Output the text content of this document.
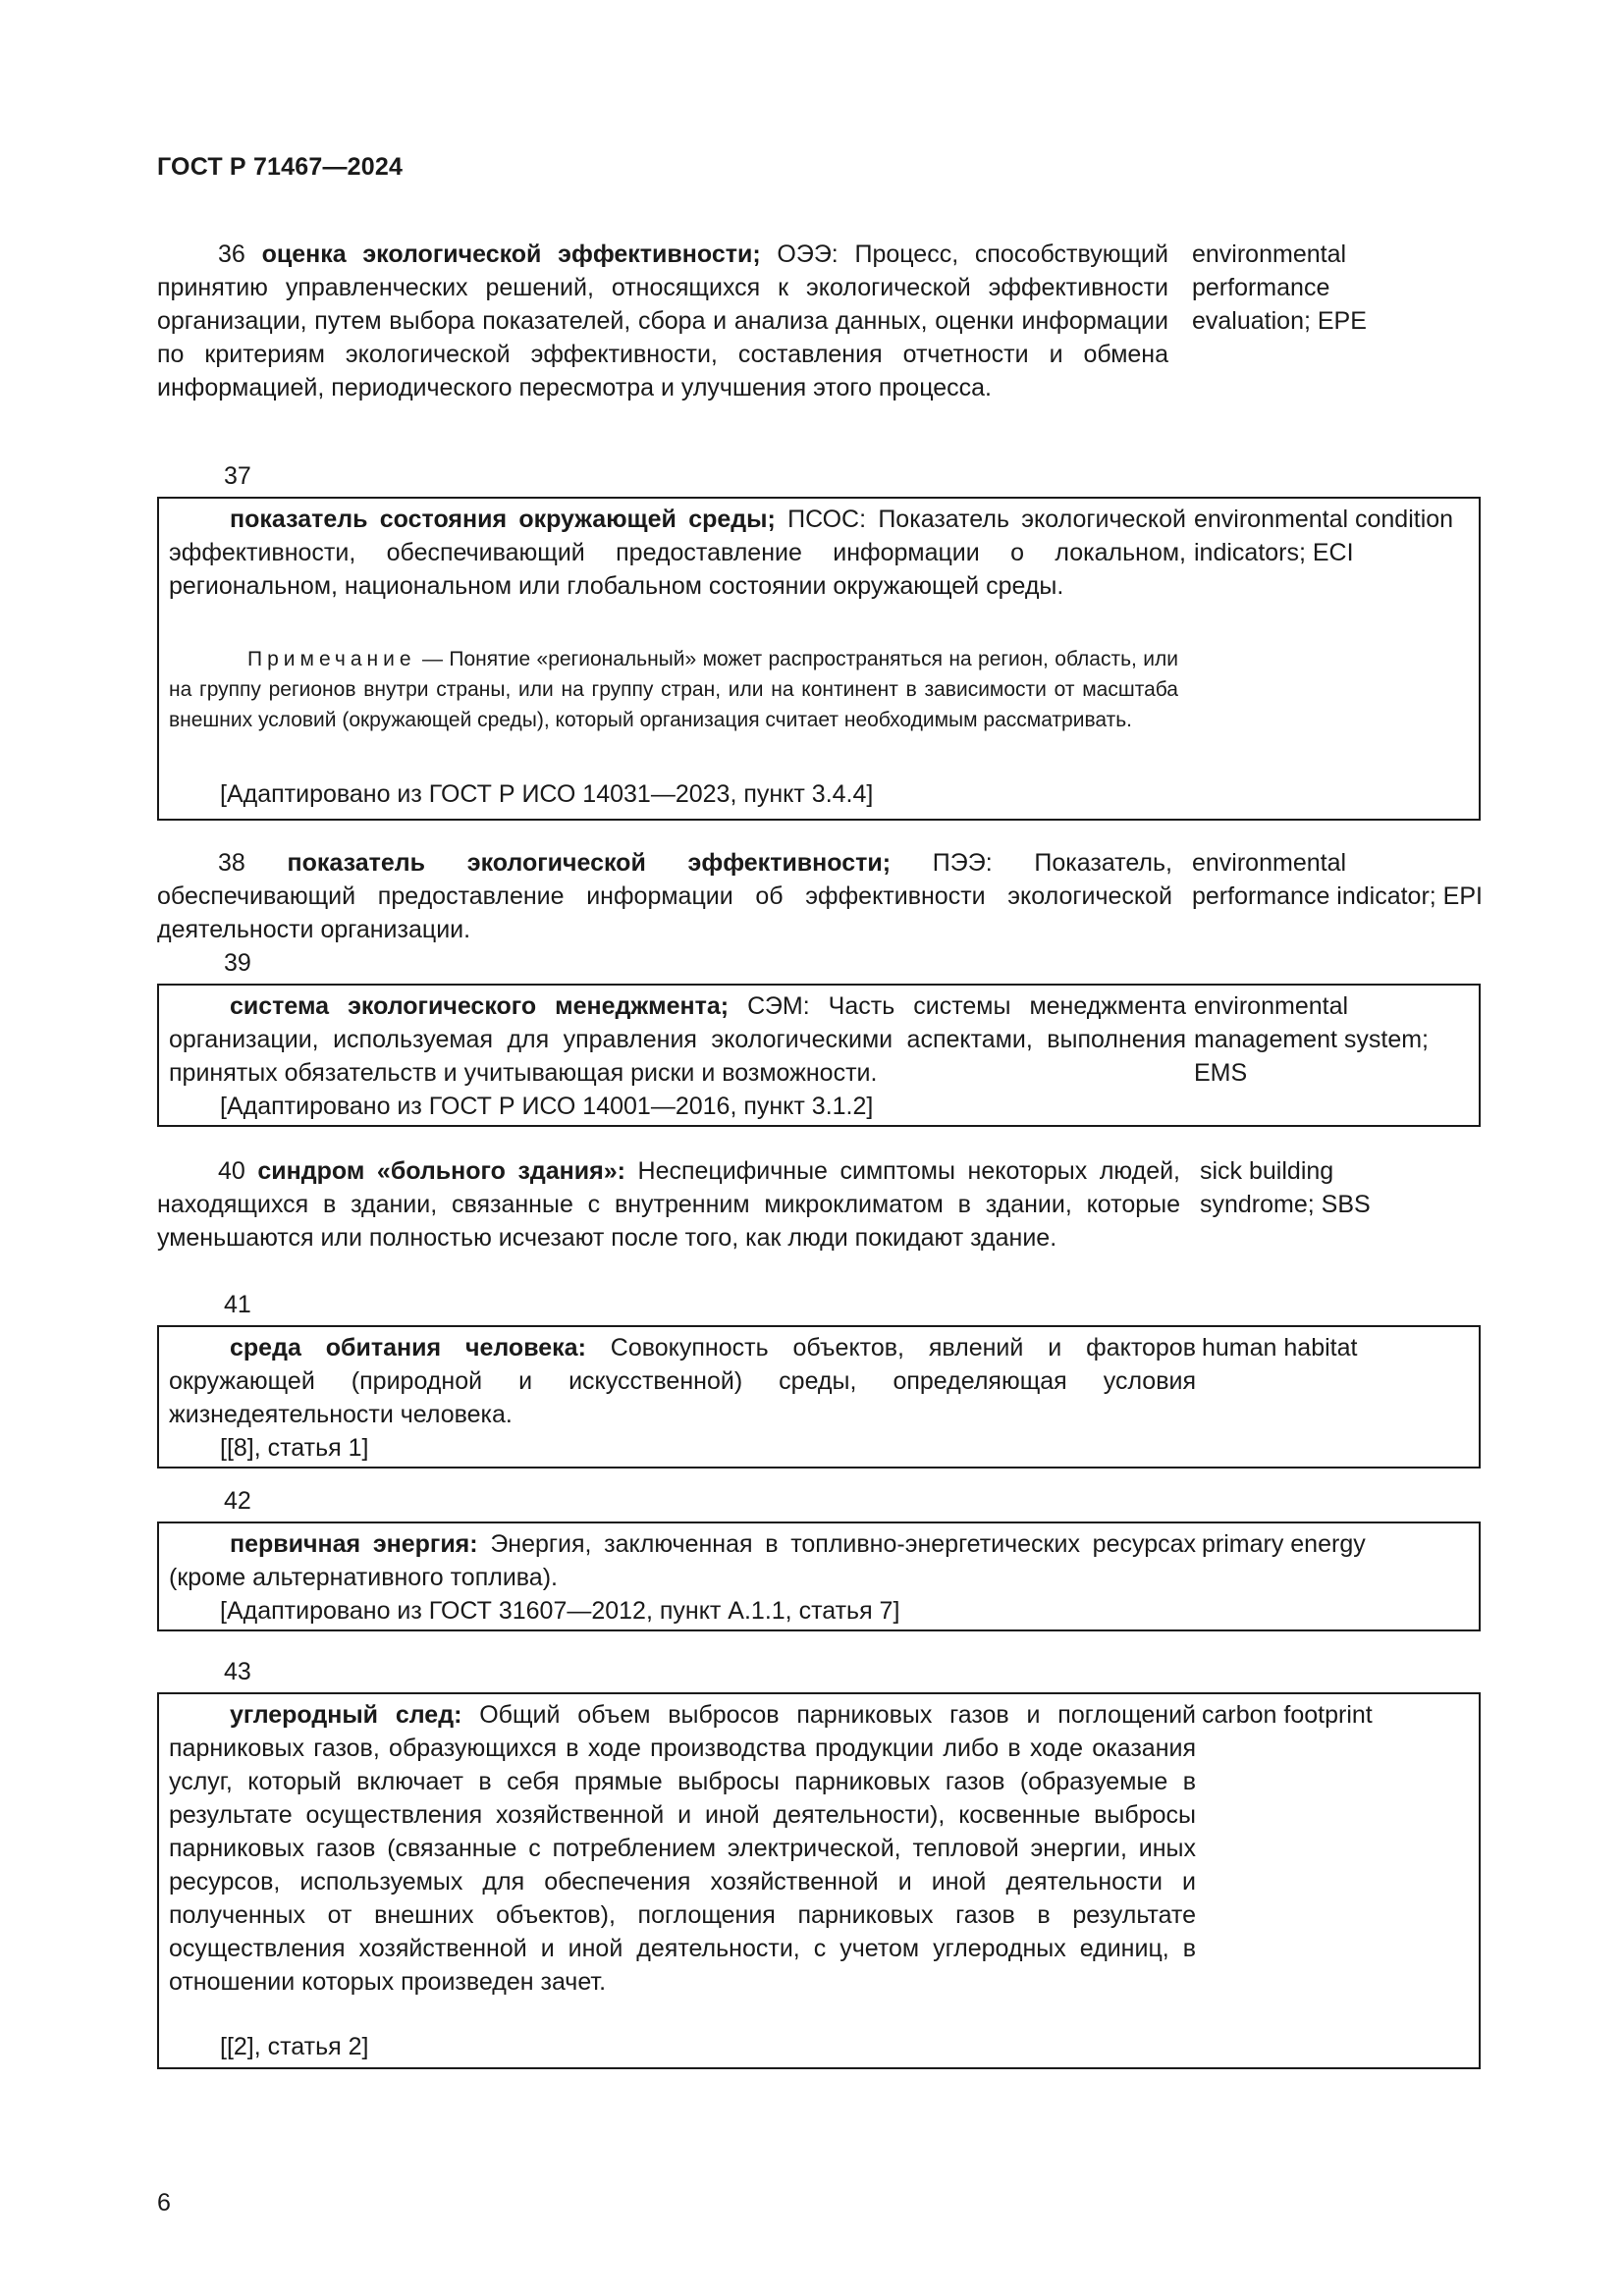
ГОСТ Р 71467—2024
36 оценка экологической эффективности; ОЭЭ: Процесс, способствующий принятию управленческих решений, относящихся к экологической эффективности организации, путем выбора показателей, сбора и анализа данных, оценки информации по критериям экологической эффективности, составления отчетности и обмена информацией, периодического пересмотра и улучшения этого процесса.
environmental performance evaluation; EPE
37
показатель состояния окружающей среды; ПСОС: Показатель экологической эффективности, обеспечивающий предоставление информации о локальном, региональном, национальном или глобальном состоянии окружающей среды.
Примечание — Понятие «региональный» может распространяться на регион, область, или на группу регионов внутри страны, или на группу стран, или на континент в зависимости от масштаба внешних условий (окружающей среды), который организация считает необходимым рассматривать.
[Адаптировано из ГОСТ Р ИСО 14031—2023, пункт 3.4.4]
environmental condition indicators; ECI
38 показатель экологической эффективности; ПЭЭ: Показатель, обеспечивающий предоставление информации об эффективности экологической деятельности организации.
environmental performance indicator; EPI
39
система экологического менеджмента; СЭМ: Часть системы менеджмента организации, используемая для управления экологическими аспектами, выполнения принятых обязательств и учитывающая риски и возможности.
[Адаптировано из ГОСТ Р ИСО 14001—2016, пункт 3.1.2]
environmental management system; EMS
40 синдром «больного здания»: Неспецифичные симптомы некоторых людей, находящихся в здании, связанные с внутренним микроклиматом в здании, которые уменьшаются или полностью исчезают после того, как люди покидают здание.
sick building syndrome; SBS
41
среда обитания человека: Совокупность объектов, явлений и факторов окружающей (природной и искусственной) среды, определяющая условия жизнедеятельности человека.
[[8], статья 1]
human habitat
42
первичная энергия: Энергия, заключенная в топливно-энергетических ресурсах (кроме альтернативного топлива).
[Адаптировано из ГОСТ 31607—2012, пункт А.1.1, статья 7]
primary energy
43
углеродный след: Общий объем выбросов парниковых газов и поглощений парниковых газов, образующихся в ходе производства продукции либо в ходе оказания услуг, который включает в себя прямые выбросы парниковых газов (образуемые в результате осуществления хозяйственной и иной деятельности), косвенные выбросы парниковых газов (связанные с потреблением электрической, тепловой энергии, иных ресурсов, используемых для обеспечения хозяйственной и иной деятельности и полученных от внешних объектов), поглощения парниковых газов в результате осуществления хозяйственной и иной деятельности, с учетом углеродных единиц, в отношении которых произведен зачет.
[[2], статья 2]
carbon footprint
6
